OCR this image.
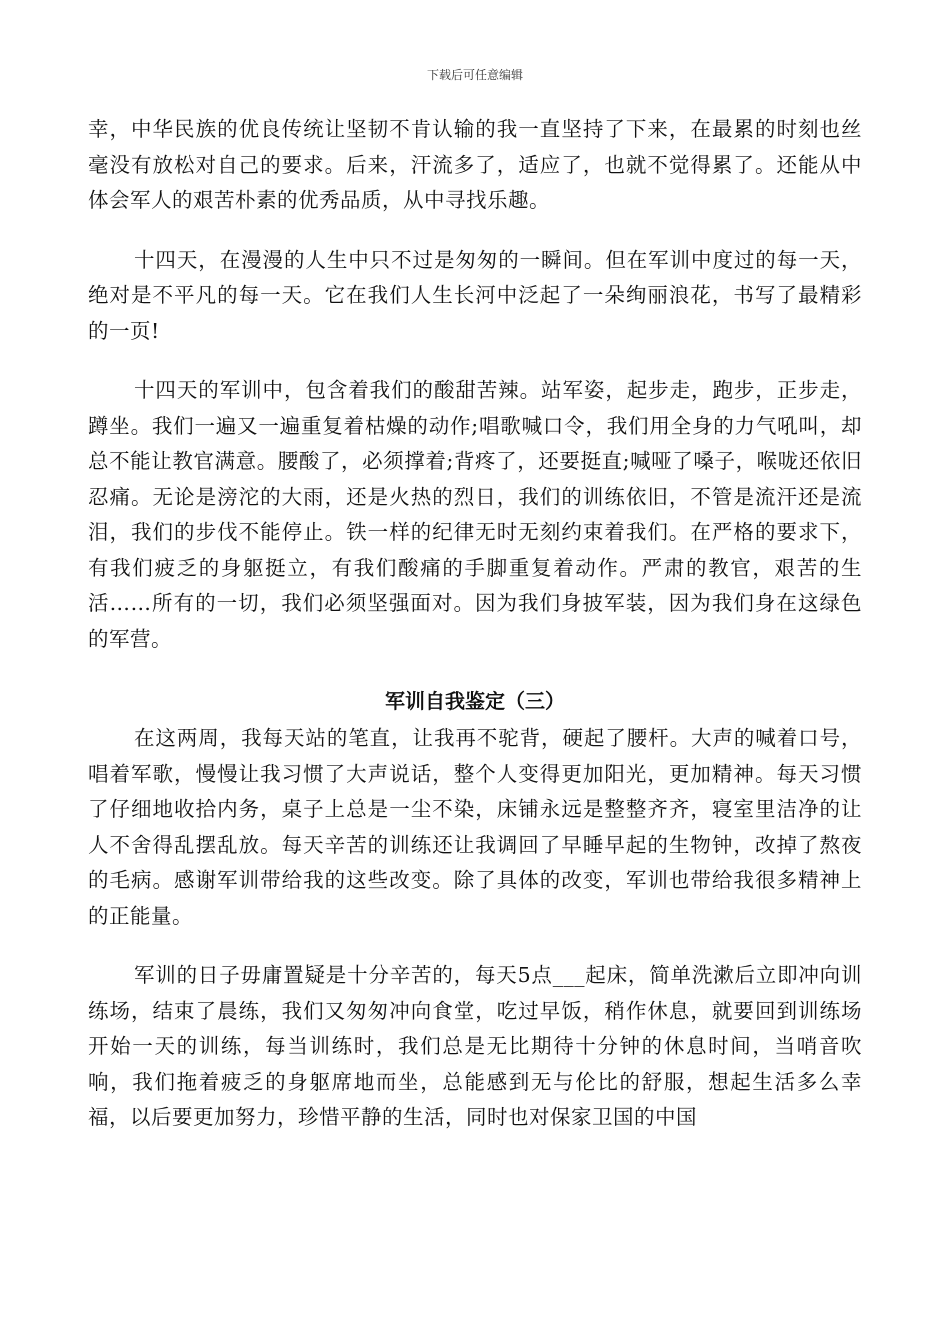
下载后可任意编辑

幸，中华民族的优良传统让坚韧不肯认输的我一直坚持了下来，在最累的时刻也丝毫没有放松对自己的要求。后来，汗流多了，适应了，也就不觉得累了。还能从中体会军人的艰苦朴素的优秀品质，从中寻找乐趣。

十四天，在漫漫的人生中只不过是匆匆的一瞬间。但在军训中度过的每一天，绝对是不平凡的每一天。它在我们人生长河中泛起了一朵绚丽浪花，书写了最精彩的一页!

十四天的军训中，包含着我们的酸甜苦辣。站军姿，起步走，跑步，正步走，蹲坐。我们一遍又一遍重复着枯燥的动作;唱歌喊口令，我们用全身的力气吼叫，却总不能让教官满意。腰酸了，必须撑着;背疼了，还要挺直;喊哑了嗓子，喉咙还依旧忍痛。无论是滂沱的大雨，还是火热的烈日，我们的训练依旧，不管是流汗还是流泪，我们的步伐不能停止。铁一样的纪律无时无刻约束着我们。在严格的要求下，有我们疲乏的身躯挺立，有我们酸痛的手脚重复着动作。严肃的教官，艰苦的生活……所有的一切，我们必须坚强面对。因为我们身披军装，因为我们身在这绿色的军营。

军训自我鉴定（三）

在这两周，我每天站的笔直，让我再不驼背，硬起了腰杆。大声的喊着口号，唱着军歌，慢慢让我习惯了大声说话，整个人变得更加阳光，更加精神。每天习惯了仔细地收拾内务，桌子上总是一尘不染，床铺永远是整整齐齐，寝室里洁净的让人不舍得乱摆乱放。每天辛苦的训练还让我调回了早睡早起的生物钟，改掉了熬夜的毛病。感谢军训带给我的这些改变。除了具体的改变，军训也带给我很多精神上的正能量。

军训的日子毋庸置疑是十分辛苦的，每天5点___起床，简单洗漱后立即冲向训练场，结束了晨练，我们又匆匆冲向食堂，吃过早饭，稍作休息，就要回到训练场开始一天的训练，每当训练时，我们总是无比期待十分钟的休息时间，当哨音吹响，我们拖着疲乏的身躯席地而坐，总能感到无与伦比的舒服，想起生活多么幸福，以后要更加努力，珍惜平静的生活，同时也对保家卫国的中国
